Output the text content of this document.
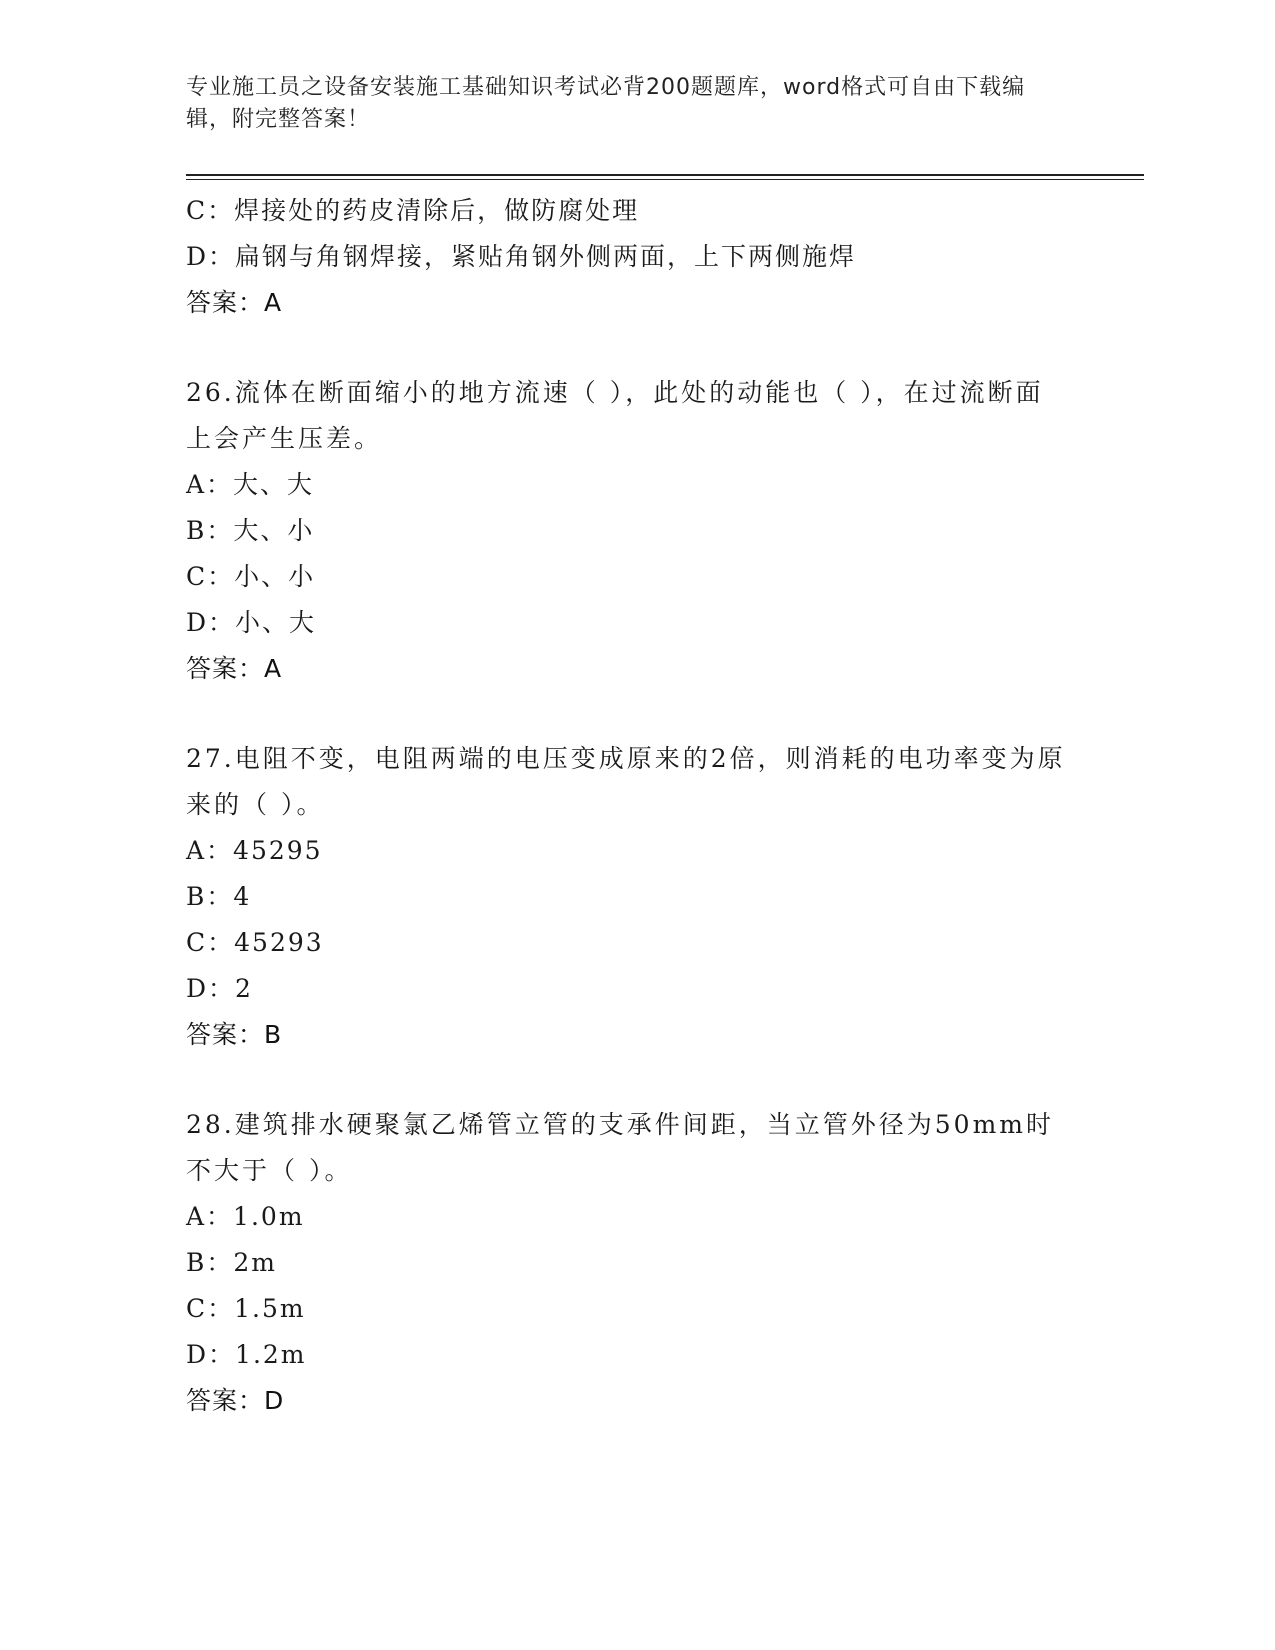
专业施工员之设备安装施工基础知识考试必背200题题库，word格式可自由下载编辑，附完整答案！
C：焊接处的药皮清除后，做防腐处理
D：扁钢与角钢焊接，紧贴角钢外侧两面，上下两侧施焊
答案：A
26.流体在断面缩小的地方流速（ ），此处的动能也（ ），在过流断面上会产生压差。
A：大、大
B：大、小
C：小、小
D：小、大
答案：A
27.电阻不变，电阻两端的电压变成原来的2倍，则消耗的电功率变为原来的（ ）。
A：45295
B：4
C：45293
D：2
答案：B
28.建筑排水硬聚氯乙烯管立管的支承件间距，当立管外径为50mm时不大于（ ）。
A：1.0m
B：2m
C：1.5m
D：1.2m
答案：D
